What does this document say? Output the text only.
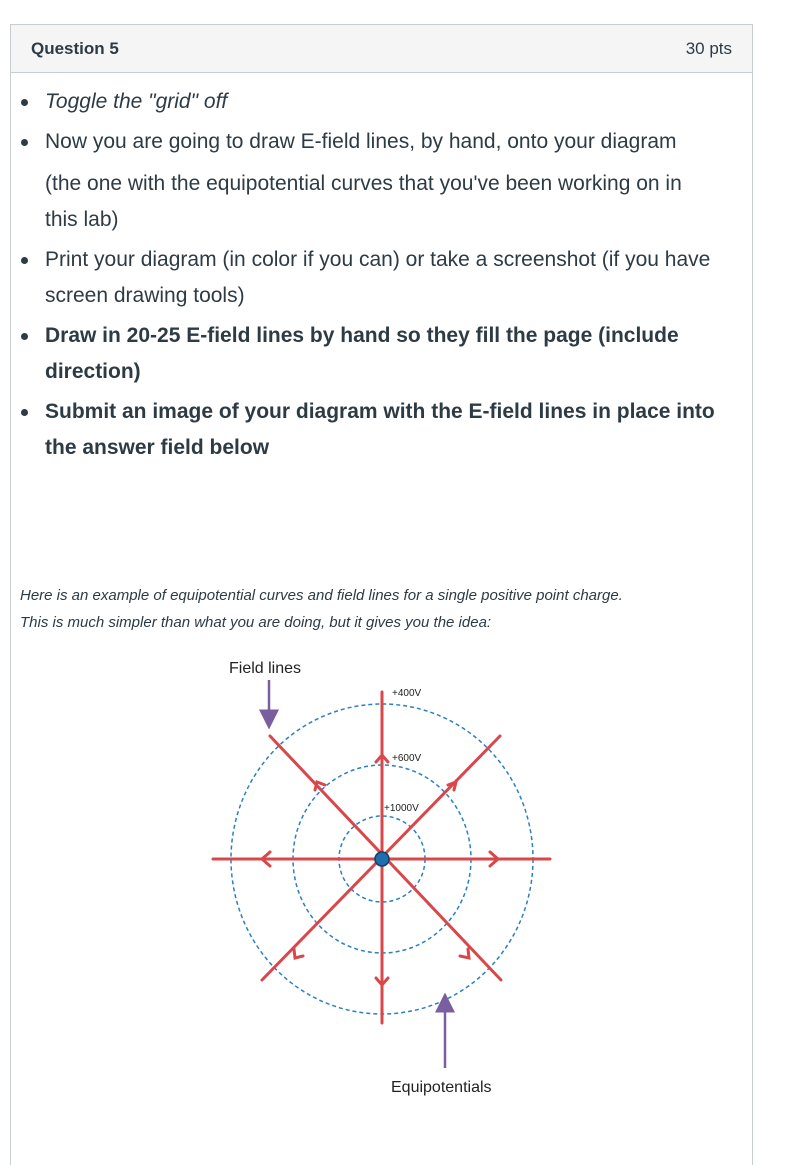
Question 5	30 pts
Toggle the "grid" off
Now you are going to draw E-field lines, by hand, onto your diagram
(the one with the equipotential curves that you've been working on in this lab)
Print your diagram (in color if you can) or take a screenshot (if you have screen drawing tools)
Draw in 20-25 E-field lines by hand so they fill the page (include direction)
Submit an image of your diagram with the E-field lines in place into the answer field below
Here is an example of equipotential curves and field lines for a single positive point charge.
This is much simpler than what you are doing, but it gives you the idea:
Field lines
Equipotentials
+400V
+600V
+1000V
